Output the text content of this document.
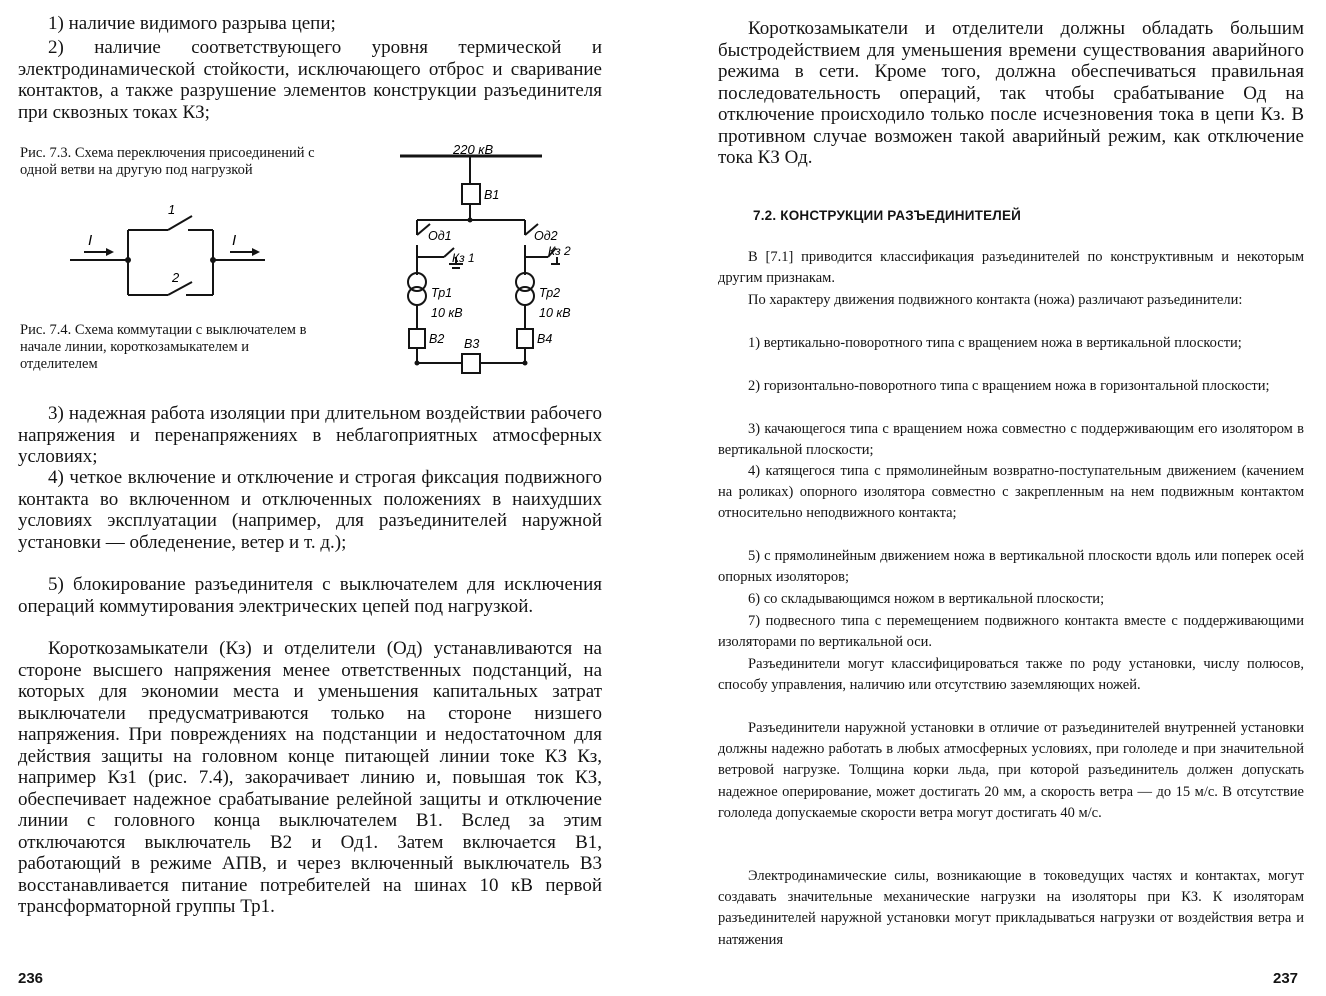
1) наличие видимого разрыва цепи;

2) наличие соответствующего уровня термической и электродинамической стойкости, исключающего отброс и сваривание контактов, а также разрушение элементов конструкции разъединителя при сквозных токах КЗ;

Рис. 7.3. Схема переключения присоединений с одной ветви на другую под нагрузкой

I	I
1
2

Рис. 7.4. Схема коммутации с выключателем в начале линии, короткозамыкателем и отделителем

220 кВ
В1
Од1	Од2
Кз 1	Кз 2
Тр1
10 кВ
Тр2
10 кВ
В2 В3	В4

3) надежная работа изоляции при длительном воздействии рабочего напряжения и перенапряжениях в неблагоприятных атмосферных условиях;

4) четкое включение и отключение и строгая фиксация подвижного контакта во включенном и отключенных положениях в наихудших условиях эксплуатации (например, для разъединителей наружной установки — обледенение, ветер и т. д.);

5) блокирование разъединителя с выключателем для исключения операций коммутирования электрических цепей под нагрузкой.

Короткозамыкатели (Кз) и отделители (Од) устанавливаются на стороне высшего напряжения менее ответственных подстанций, на которых для экономии места и уменьшения капитальных затрат выключатели предусматриваются только на стороне низшего напряжения. При повреждениях на подстанции и недостаточном для действия защиты на головном конце питающей линии токе КЗ Кз, например Кз1 (рис. 7.4), закорачивает линию и, повышая ток КЗ, обеспечивает надежное срабатывание релейной защиты и отключение линии с головного конца выключателем В1. Вслед за этим отключаются выключатель В2 и Од1. Затем включается В1, работающий в режиме АПВ, и через включенный выключатель В3 восстанавливается питание потребителей на шинах 10 кВ первой трансформаторной группы Тр1.

236

Короткозамыкатели и отделители должны обладать большим быстродействием для уменьшения времени существования аварийного режима в сети. Кроме того, должна обеспечиваться правильная последовательность операций, так чтобы срабатывание Од на отключение происходило только после исчезновения тока в цепи Кз. В противном случае возможен такой аварийный режим, как отключение тока КЗ Од.

7.2. КОНСТРУКЦИИ РАЗЪЕДИНИТЕЛЕЙ

В [7.1] приводится классификация разъединителей по конструктивным и некоторым другим признакам.

По характеру движения подвижного контакта (ножа) различают разъединители:

1) вертикально-поворотного типа с вращением ножа в вертикальной плоскости;

2) горизонтально-поворотного типа с вращением ножа в горизонтальной плоскости;

3) качающегося типа с вращением ножа совместно с поддерживающим его изолятором в вертикальной плоскости;

4) катящегося типа с прямолинейным возвратно-поступательным движением (качением на роликах) опорного изолятора совместно с закрепленным на нем подвижным контактом относительно неподвижного контакта;

5) с прямолинейным движением ножа в вертикальной плоскости вдоль или поперек осей опорных изоляторов;

6) со складывающимся ножом в вертикальной плоскости;

7) подвесного типа с перемещением подвижного контакта вместе с поддерживающими изоляторами по вертикальной оси.

Разъединители могут классифицироваться также по роду установки, числу полюсов, способу управления, наличию или отсутствию заземляющих ножей.

Разъединители наружной установки в отличие от разъединителей внутренней установки должны надежно работать в любых атмосферных условиях, при гололеде и при значительной ветровой нагрузке. Толщина корки льда, при которой разъединитель должен допускать надежное оперирование, может достигать 20 мм, а скорость ветра — до 15 м/с. В отсутствие гололеда допускаемые скорости ветра могут достигать 40 м/с.

Электродинамические силы, возникающие в токоведущих частях и контактах, могут создавать значительные механические нагрузки на изоляторы при КЗ. К изоляторам разъединителей наружной установки могут прикладываться нагрузки от воздействия ветра и натяжения

237
